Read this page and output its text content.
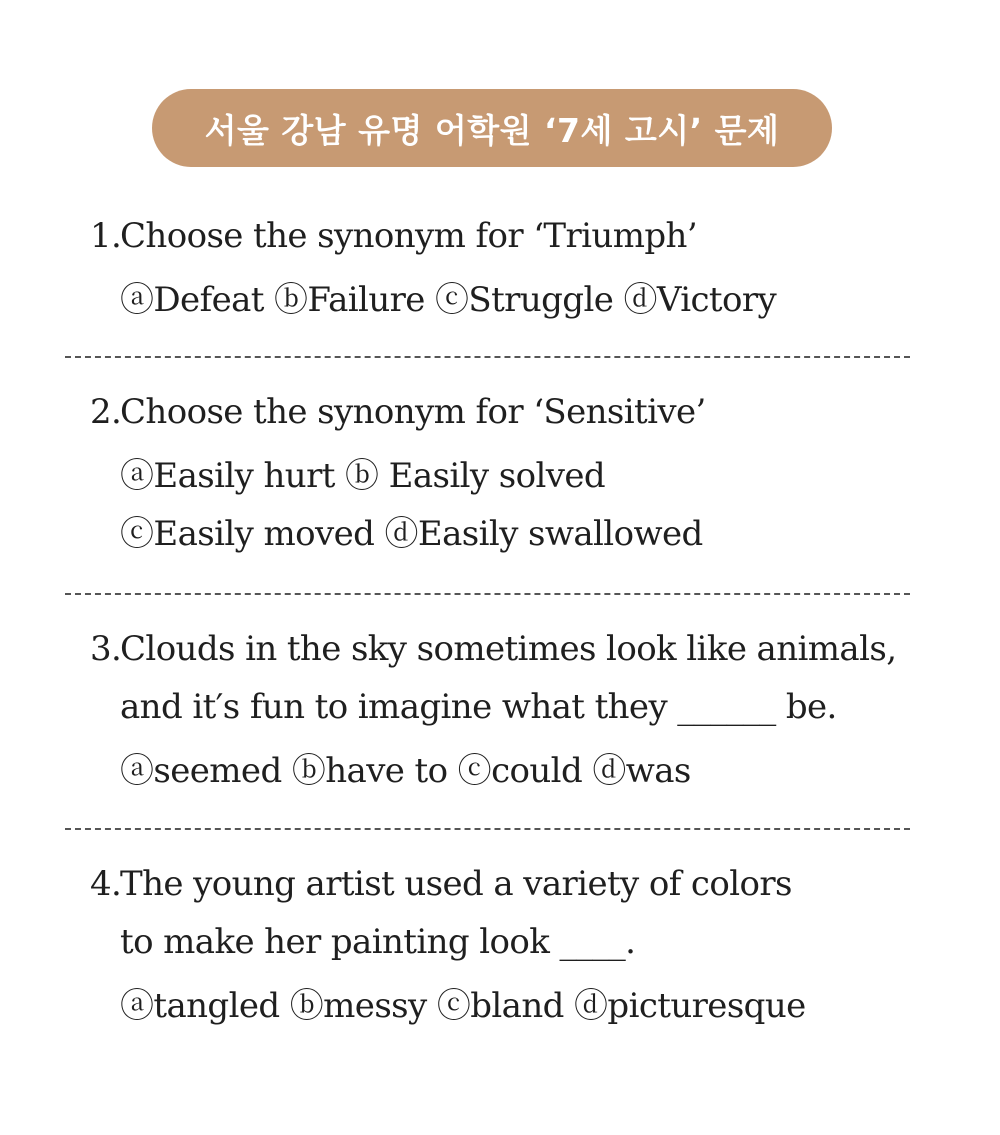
서울 강남 유명 어학원 ‘7세 고시’ 문제
1.
Choose the synonym for ‘Triumph’
ⓐDefeat ⓑFailure ⓒStruggle ⓓVictory
2.
Choose the synonym for ‘Sensitive’
ⓐEasily hurt ⓑ Easily solved
ⓒEasily moved ⓓEasily swallowed
3.
Clouds in the sky sometimes look like animals,
and it′s fun to imagine what they ______ be.
ⓐseemed ⓑhave to ⓒcould ⓓwas
4.
The young artist used a variety of colors
to make her painting look ____.
ⓐtangled ⓑmessy ⓒbland ⓓpicturesque
